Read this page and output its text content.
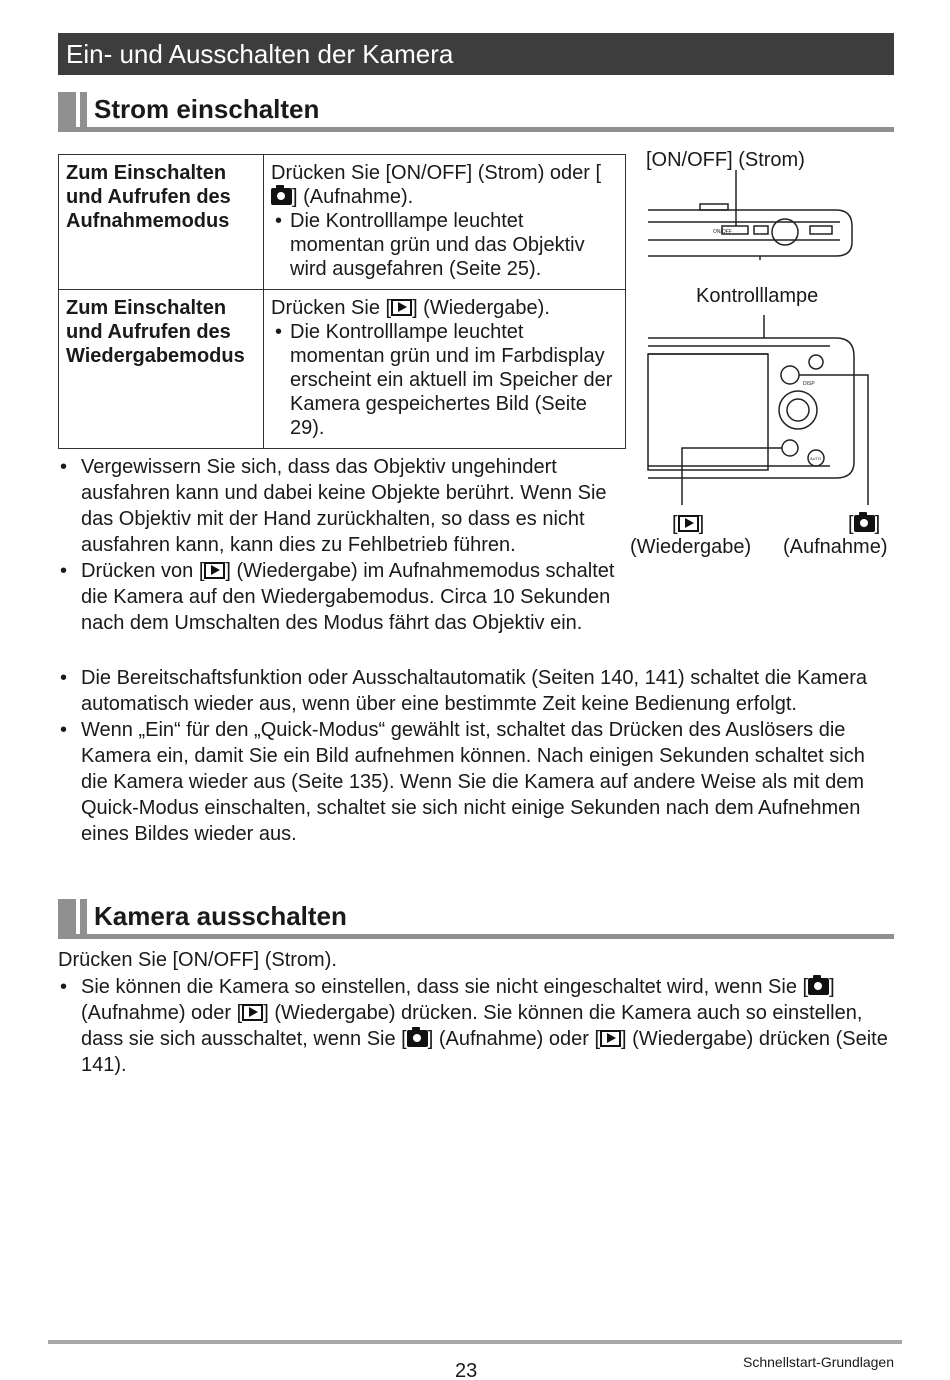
Ein- und Ausschalten der Kamera
Strom einschalten
Zum Einschalten und Aufrufen des Aufnahmemodus	Drücken Sie [ON/OFF] (Strom) oder [] (Aufnahme).
• Die Kontrolllampe leuchtet momentan grün und das Objektiv wird ausgefahren (Seite 25).

Zum Einschalten und Aufrufen des Wiedergabemodus	Drücken Sie [ ] (Wiedergabe).
• Die Kontrolllampe leuchtet momentan grün und im Farbdisplay erscheint ein aktuell im Speicher der Kamera gespeichertes Bild (Seite 29).
[ON/OFF] (Strom)
Kontrolllampe
ON/OFF
DISP
AUTO
[ ]	[ ]
(Wiedergabe) (Aufnahme)
• Vergewissern Sie sich, dass das Objektiv ungehindert ausfahren kann und dabei keine Objekte berührt. Wenn Sie das Objektiv mit der Hand zurückhalten, so dass es nicht ausfahren kann, kann dies zu Fehlbetrieb führen.
• Drücken von [ ] (Wiedergabe) im Aufnahmemodus schaltet die Kamera auf den Wiedergabemodus. Circa 10 Sekunden nach dem Umschalten des Modus fährt das Objektiv ein.
• Die Bereitschaftsfunktion oder Ausschaltautomatik (Seiten 140, 141) schaltet die Kamera automatisch wieder aus, wenn über eine bestimmte Zeit keine Bedienung erfolgt.
• Wenn „Ein“ für den „Quick-Modus“ gewählt ist, schaltet das Drücken des Auslösers die Kamera ein, damit Sie ein Bild aufnehmen können. Nach einigen Sekunden schaltet sich die Kamera wieder aus (Seite 135). Wenn Sie die Kamera auf andere Weise als mit dem Quick-Modus einschalten, schaltet sie sich nicht einige Sekunden nach dem Aufnehmen eines Bildes wieder aus.
Kamera ausschalten
Drücken Sie [ON/OFF] (Strom).
• Sie können die Kamera so einstellen, dass sie nicht eingeschaltet wird, wenn Sie [ ] (Aufnahme) oder [ ] (Wiedergabe) drücken. Sie können die Kamera auch so einstellen, dass sie sich ausschaltet, wenn Sie [ ] (Aufnahme) oder [ ] (Wiedergabe) drücken (Seite 141).
23	Schnellstart-Grundlagen
